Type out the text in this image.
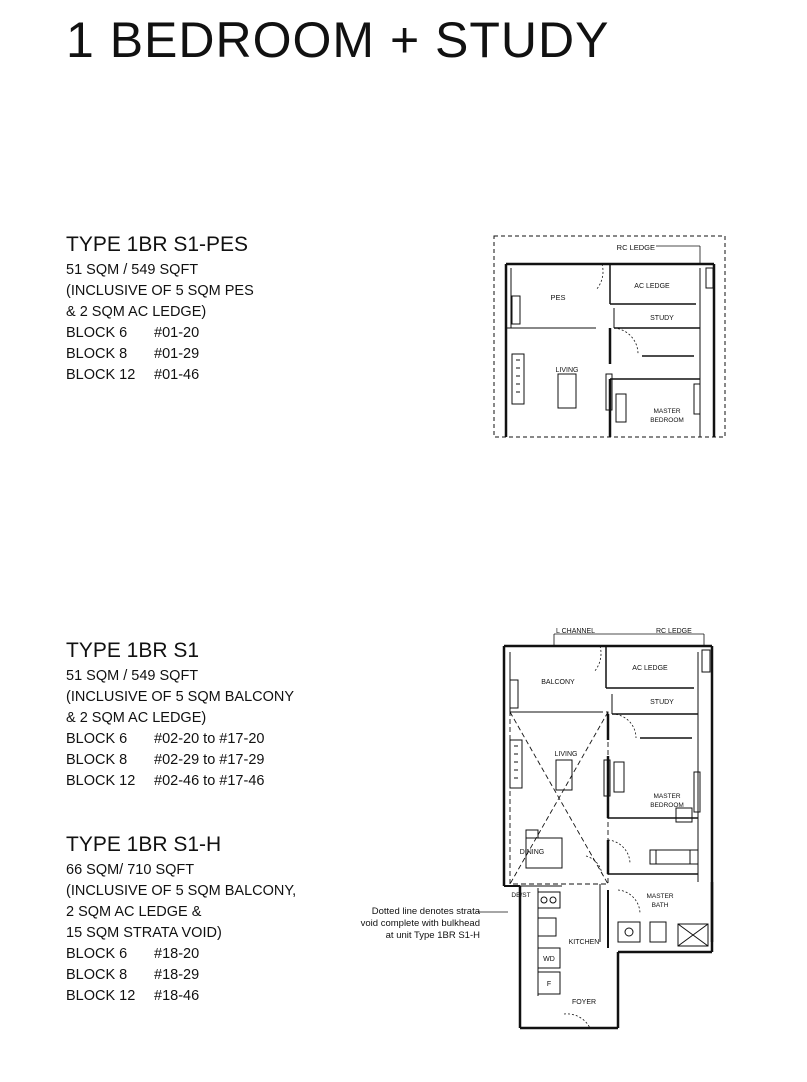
1 BEDROOM + STUDY
TYPE 1BR S1-PES
51 SQM / 549 SQFT
(INCLUSIVE OF 5 SQM PES
& 2 SQM AC LEDGE)
BLOCK 6	#01-20
BLOCK 8	#01-29
BLOCK 12	#01-46
TYPE 1BR S1
51 SQM / 549 SQFT
(INCLUSIVE OF 5 SQM BALCONY
& 2 SQM AC LEDGE)
BLOCK 6	#02-20 to #17-20
BLOCK 8	#02-29 to #17-29
BLOCK 12	#02-46 to #17-46
TYPE 1BR S1-H
66 SQM/ 710 SQFT
(INCLUSIVE OF 5 SQM BALCONY,
2 SQM AC LEDGE &
15 SQM STRATA VOID)
BLOCK 6	#18-20
BLOCK 8	#18-29
BLOCK 12	#18-46
RC LEDGE
PES
AC LEDGE
STUDY
LIVING
MASTER
BEDROOM
L CHANNEL	RC LEDGE
BALCONY
AC LEDGE
STUDY
LIVING
MASTER
BEDROOM
DINING
DB/ST	MASTER
BATH
KITCHEN
WD
F
FOYER
Dotted line denotes strata
void complete with bulkhead
at unit Type 1BR S1-H
